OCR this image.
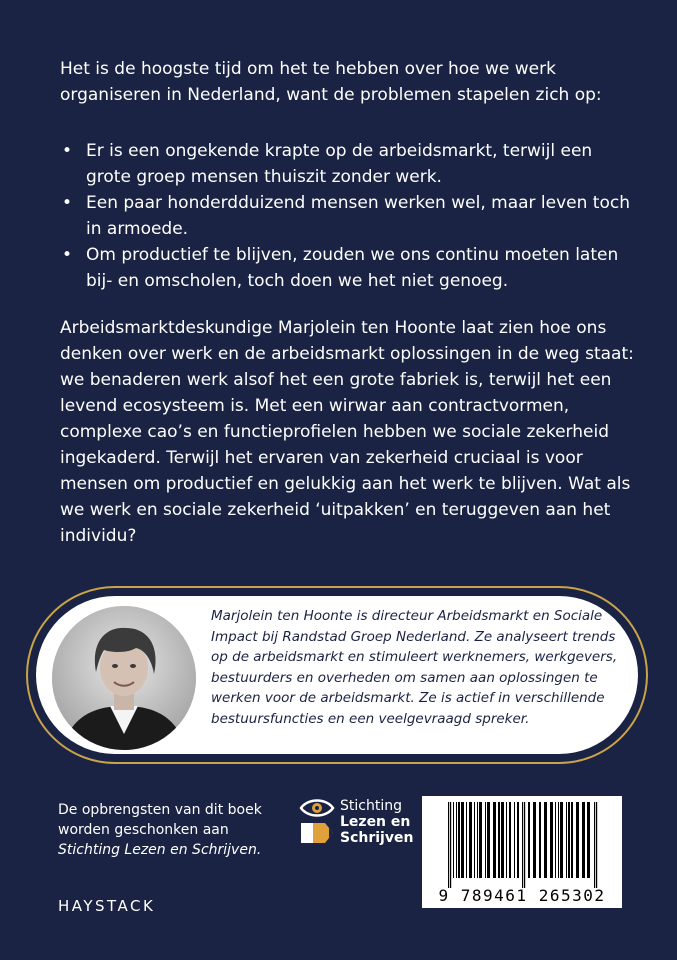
Het is de hoogste tijd om het te hebben over hoe we werk organiseren in Nederland, want de problemen stapelen zich op:

• Er is een ongekende krapte op de arbeidsmarkt, terwijl een grote groep mensen thuiszit zonder werk.
• Een paar honderdduizend mensen werken wel, maar leven toch in armoede.
• Om productief te blijven, zouden we ons continu moeten laten bij- en omscholen, toch doen we het niet genoeg.

Arbeidsmarktdeskundige Marjolein ten Hoonte laat zien hoe ons denken over werk en de arbeidsmarkt oplossingen in de weg staat: we benaderen werk alsof het een grote fabriek is, terwijl het een levend ecosysteem is. Met een wirwar aan contractvormen, complexe cao’s en functieprofielen hebben we sociale zekerheid ingekaderd. Terwijl het ervaren van zekerheid cruciaal is voor mensen om productief en gelukkig aan het werk te blijven. Wat als we werk en sociale zekerheid ‘uitpakken’ en teruggeven aan het individu?

Marjolein ten Hoonte is directeur Arbeidsmarkt en Sociale Impact bij Randstad Groep Nederland. Ze analyseert trends op de arbeidsmarkt en stimuleert werknemers, werkgevers, bestuurders en overheden om samen aan oplossingen te werken voor de arbeidsmarkt. Ze is actief in verschillende bestuursfuncties en een veelgevraagd spreker.

De opbrengsten van dit boek worden geschonken aan
Stichting Lezen en Schrijven.

Stichting
Lezen en
Schrijven
HAYSTACK
9 789461 265302
